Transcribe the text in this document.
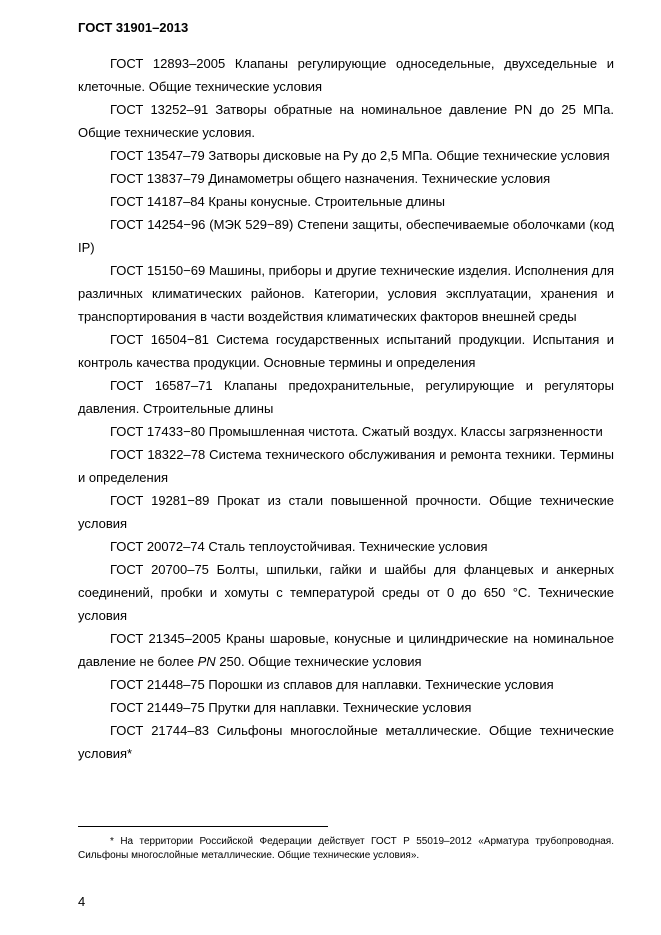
ГОСТ 31901–2013

ГОСТ 12893–2005 Клапаны регулирующие односедельные, двухседельные и клеточные. Общие технические условия

ГОСТ 13252–91 Затворы обратные на номинальное давление PN до 25 МПа. Общие технические условия.

ГОСТ 13547–79 Затворы дисковые на Ру до 2,5 МПа. Общие технические условия

ГОСТ 13837–79 Динамометры общего назначения. Технические условия

ГОСТ 14187–84 Краны конусные. Строительные длины

ГОСТ 14254−96 (МЭК 529−89) Степени защиты, обеспечиваемые оболочками (код IP)

ГОСТ 15150−69 Машины, приборы и другие технические изделия. Исполнения для различных климатических районов. Категории, условия эксплуатации, хранения и транспортирования в части воздействия климатических факторов внешней среды

ГОСТ 16504−81 Система государственных испытаний продукции. Испытания и контроль качества продукции. Основные термины и определения

ГОСТ 16587–71 Клапаны предохранительные, регулирующие и регуляторы давления. Строительные длины

ГОСТ 17433−80 Промышленная чистота. Сжатый воздух. Классы загрязненности

ГОСТ 18322–78 Система технического обслуживания и ремонта техники. Термины и определения

ГОСТ 19281−89 Прокат из стали повышенной прочности. Общие технические условия

ГОСТ 20072–74 Сталь теплоустойчивая. Технические условия

ГОСТ 20700–75 Болты, шпильки, гайки и шайбы для фланцевых и анкерных соединений, пробки и хомуты с температурой среды от 0 до 650 °С. Технические условия

ГОСТ 21345–2005 Краны шаровые, конусные и цилиндрические на номинальное давление не более PN 250. Общие технические условия

ГОСТ 21448–75 Порошки из сплавов для наплавки. Технические условия

ГОСТ 21449–75 Прутки для наплавки. Технические условия

ГОСТ 21744–83 Сильфоны многослойные металлические. Общие технические условия*

* На территории Российской Федерации действует ГОСТ Р 55019–2012 «Арматура трубопроводная. Сильфоны многослойные металлические. Общие технические условия».
4
